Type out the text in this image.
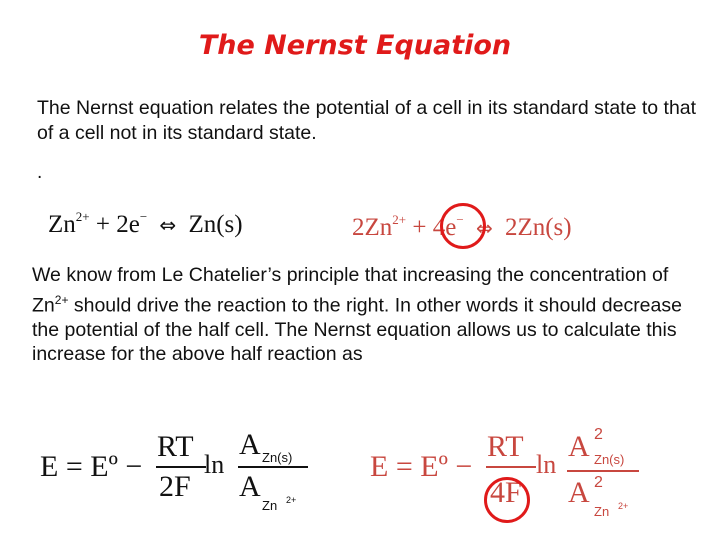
The Nernst Equation
The Nernst equation relates the potential of a cell in its standard state to that of a cell not in its standard state.
.
$Zn^{2+} + 2e^-$ ⇔ Zn(s)	$2Zn^{2+} + 4e^-$ ⇔ 2Zn(s)
We know from Le Chatelier’s principle that increasing the concentration of $Zn^{2+}$ should drive the reaction to the right. In other words it should decrease the potential of the half cell. The Nernst equation allows us to calculate this increase for the above half reaction as
E = Eº −
RT
2F
ln
A Zn(s)
A
Zn 2+
E = Eº −
RT
4F
ln
A 2
Zn(s)
A 2
Zn 2+
